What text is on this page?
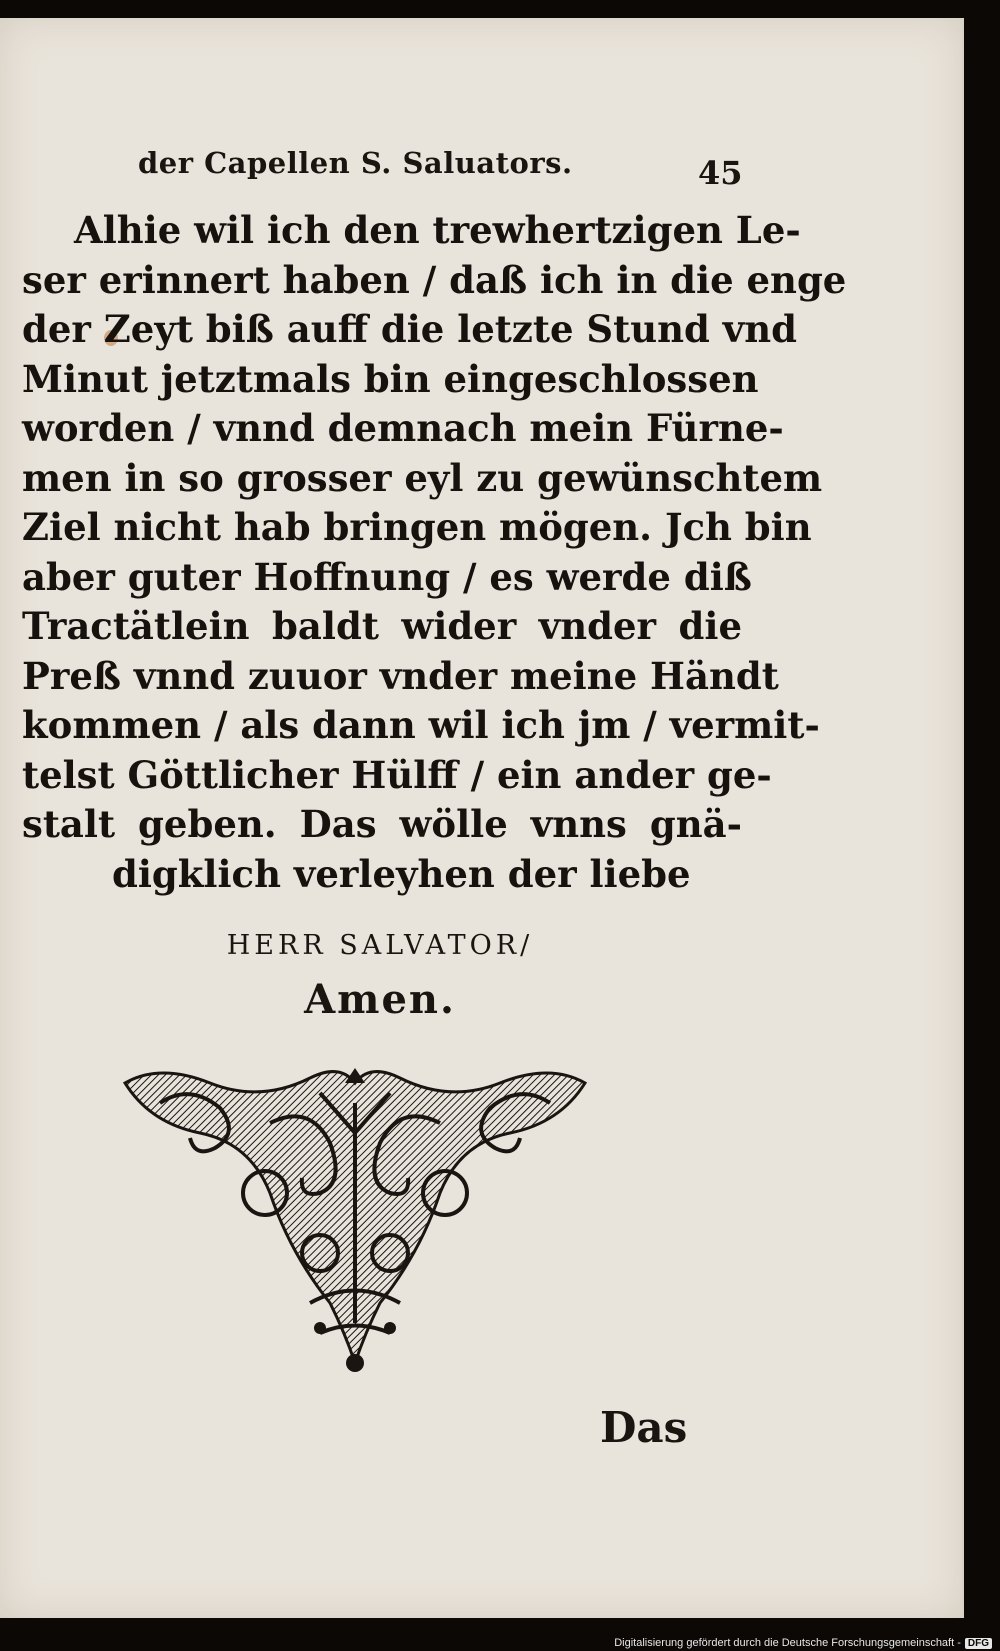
der Capellen S. Saluators.	45
Alhie wil ich den trewhertzigen Le-
ser erinnert haben / daß ich in die enge
der Zeyt biß auff die letzte Stund vnd
Minut jetztmals bin eingeschlossen
worden / vnnd demnach mein Fürne-
men in so grosser eyl zu gewünschtem
Ziel nicht hab bringen mögen. Jch bin
aber guter Hoffnung / es werde diß
Tractätlein baldt wider vnder die
Preß vnnd zuuor vnder meine Händt
kommen / als dann wil ich jm / vermit-
telst Göttlicher Hülff / ein ander ge-
stalt geben. Das wölle vnns gnä-
digklich verleyhen der liebe
HERR SALVATOR/
Amen.
Das
Digitalisierung gefördert durch die Deutsche Forschungsgemeinschaft - DFG
